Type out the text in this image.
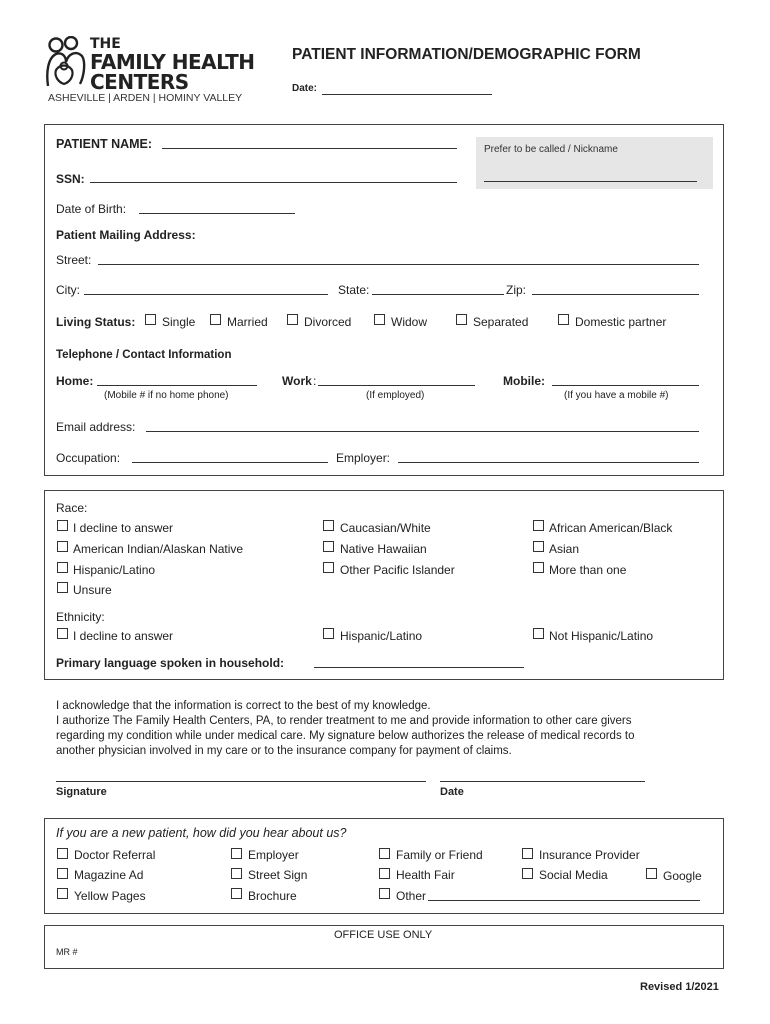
THE
FAMILY HEALTH
CENTERS
ASHEVILLE | ARDEN | HOMINY VALLEY
PATIENT INFORMATION/DEMOGRAPHIC FORM
Date:
PATIENT NAME:	Prefer to be called / Nickname
SSN:
Date of Birth:
Patient Mailing Address:
Street:
City:	State:	Zip:
Living Status: Single	Married	Divorced	Widow	Separated	Domestic partner
Telephone / Contact Information
Home:
(Mobile # if no home phone)
Work :
(If employed)
Mobile:
(If you have a mobile #)
Email address:
Occupation:	Employer:
Race:
I decline to answer	Caucasian/White	African American/Black
American Indian/Alaskan Native	Native Hawaiian	Asian
Hispanic/Latino	Other Pacific Islander	More than one
Unsure
Ethnicity:
I decline to answer	Hispanic/Latino	Not Hispanic/Latino
Primary language spoken in household:
I acknowledge that the information is correct to the best of my knowledge.
I authorize The Family Health Centers, PA, to render treatment to me and provide information to other care givers
regarding my condition while under medical care. My signature below authorizes the release of medical records to
another physician involved in my care or to the insurance company for payment of claims.
Signature	Date
If you are a new patient, how did you hear about us?
Doctor Referral	Employer	Family or Friend	Insurance Provider
Magazine Ad	Street Sign	Health Fair	Social Media	Google
Yellow Pages	Brochure	Other
OFFICE USE ONLY
MR #
Revised 1/2021
